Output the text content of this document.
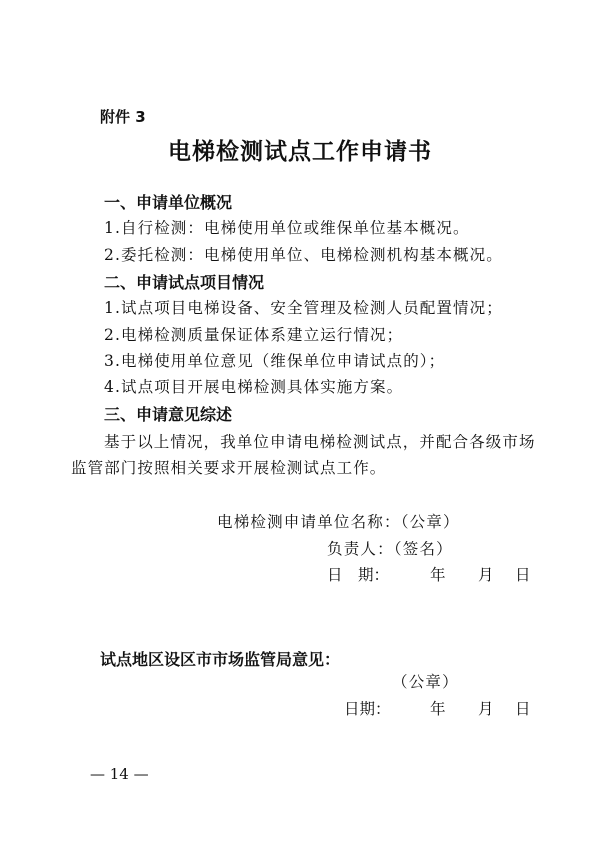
附件 3
电梯检测试点工作申请书
一、申请单位概况
1.自行检测：电梯使用单位或维保单位基本概况。
2.委托检测：电梯使用单位、电梯检测机构基本概况。
二、申请试点项目情况
1.试点项目电梯设备、安全管理及检测人员配置情况；
2.电梯检测质量保证体系建立运行情况；
3.电梯使用单位意见（维保单位申请试点的）；
4.试点项目开展电梯检测具体实施方案。
三、申请意见综述
基于以上情况，我单位申请电梯检测试点，并配合各级市场
监管部门按照相关要求开展检测试点工作。
电梯检测申请单位名称：（公章）
负责人：（签名）
日　期：	年 月 日
试点地区设区市市场监管局意见：
（公章）
日期：	年 月 日
— 14 —
